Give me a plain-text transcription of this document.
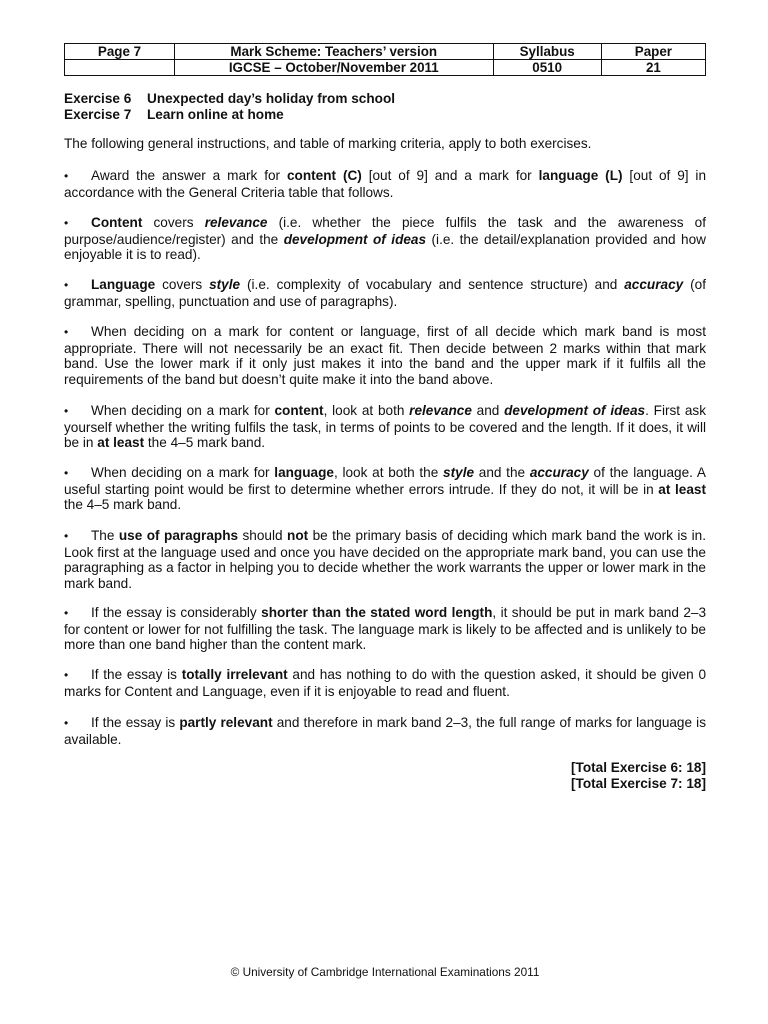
Page 7	Mark Scheme: Teachers’ version	Syllabus	Paper
	IGCSE – October/November 2011	0510	21
Exercise 6 Unexpected day’s holiday from school
Exercise 7 Learn online at home
The following general instructions, and table of marking criteria, apply to both exercises.
•Award the answer a mark for content (C) [out of 9] and a mark for language (L) [out of 9] in accordance with the General Criteria table that follows.
•Content covers relevance (i.e. whether the piece fulfils the task and the awareness of purpose/audience/register) and the development of ideas (i.e. the detail/explanation provided and how enjoyable it is to read).
•Language covers style (i.e. complexity of vocabulary and sentence structure) and accuracy (of grammar, spelling, punctuation and use of paragraphs).
•When deciding on a mark for content or language, first of all decide which mark band is most appropriate. There will not necessarily be an exact fit. Then decide between 2 marks within that mark band. Use the lower mark if it only just makes it into the band and the upper mark if it fulfils all the requirements of the band but doesn’t quite make it into the band above.
•When deciding on a mark for content, look at both relevance and development of ideas. First ask yourself whether the writing fulfils the task, in terms of points to be covered and the length. If it does, it will be in at least the 4–5 mark band.
•When deciding on a mark for language, look at both the style and the accuracy of the language. A useful starting point would be first to determine whether errors intrude. If they do not, it will be in at least the 4–5 mark band.
•The use of paragraphs should not be the primary basis of deciding which mark band the work is in. Look first at the language used and once you have decided on the appropriate mark band, you can use the paragraphing as a factor in helping you to decide whether the work warrants the upper or lower mark in the mark band.
•If the essay is considerably shorter than the stated word length, it should be put in mark band 2–3 for content or lower for not fulfilling the task. The language mark is likely to be affected and is unlikely to be more than one band higher than the content mark.
•If the essay is totally irrelevant and has nothing to do with the question asked, it should be given 0 marks for Content and Language, even if it is enjoyable to read and fluent.
•If the essay is partly relevant and therefore in mark band 2–3, the full range of marks for language is available.
[Total Exercise 6: 18]
[Total Exercise 7: 18]
© University of Cambridge International Examinations 2011
